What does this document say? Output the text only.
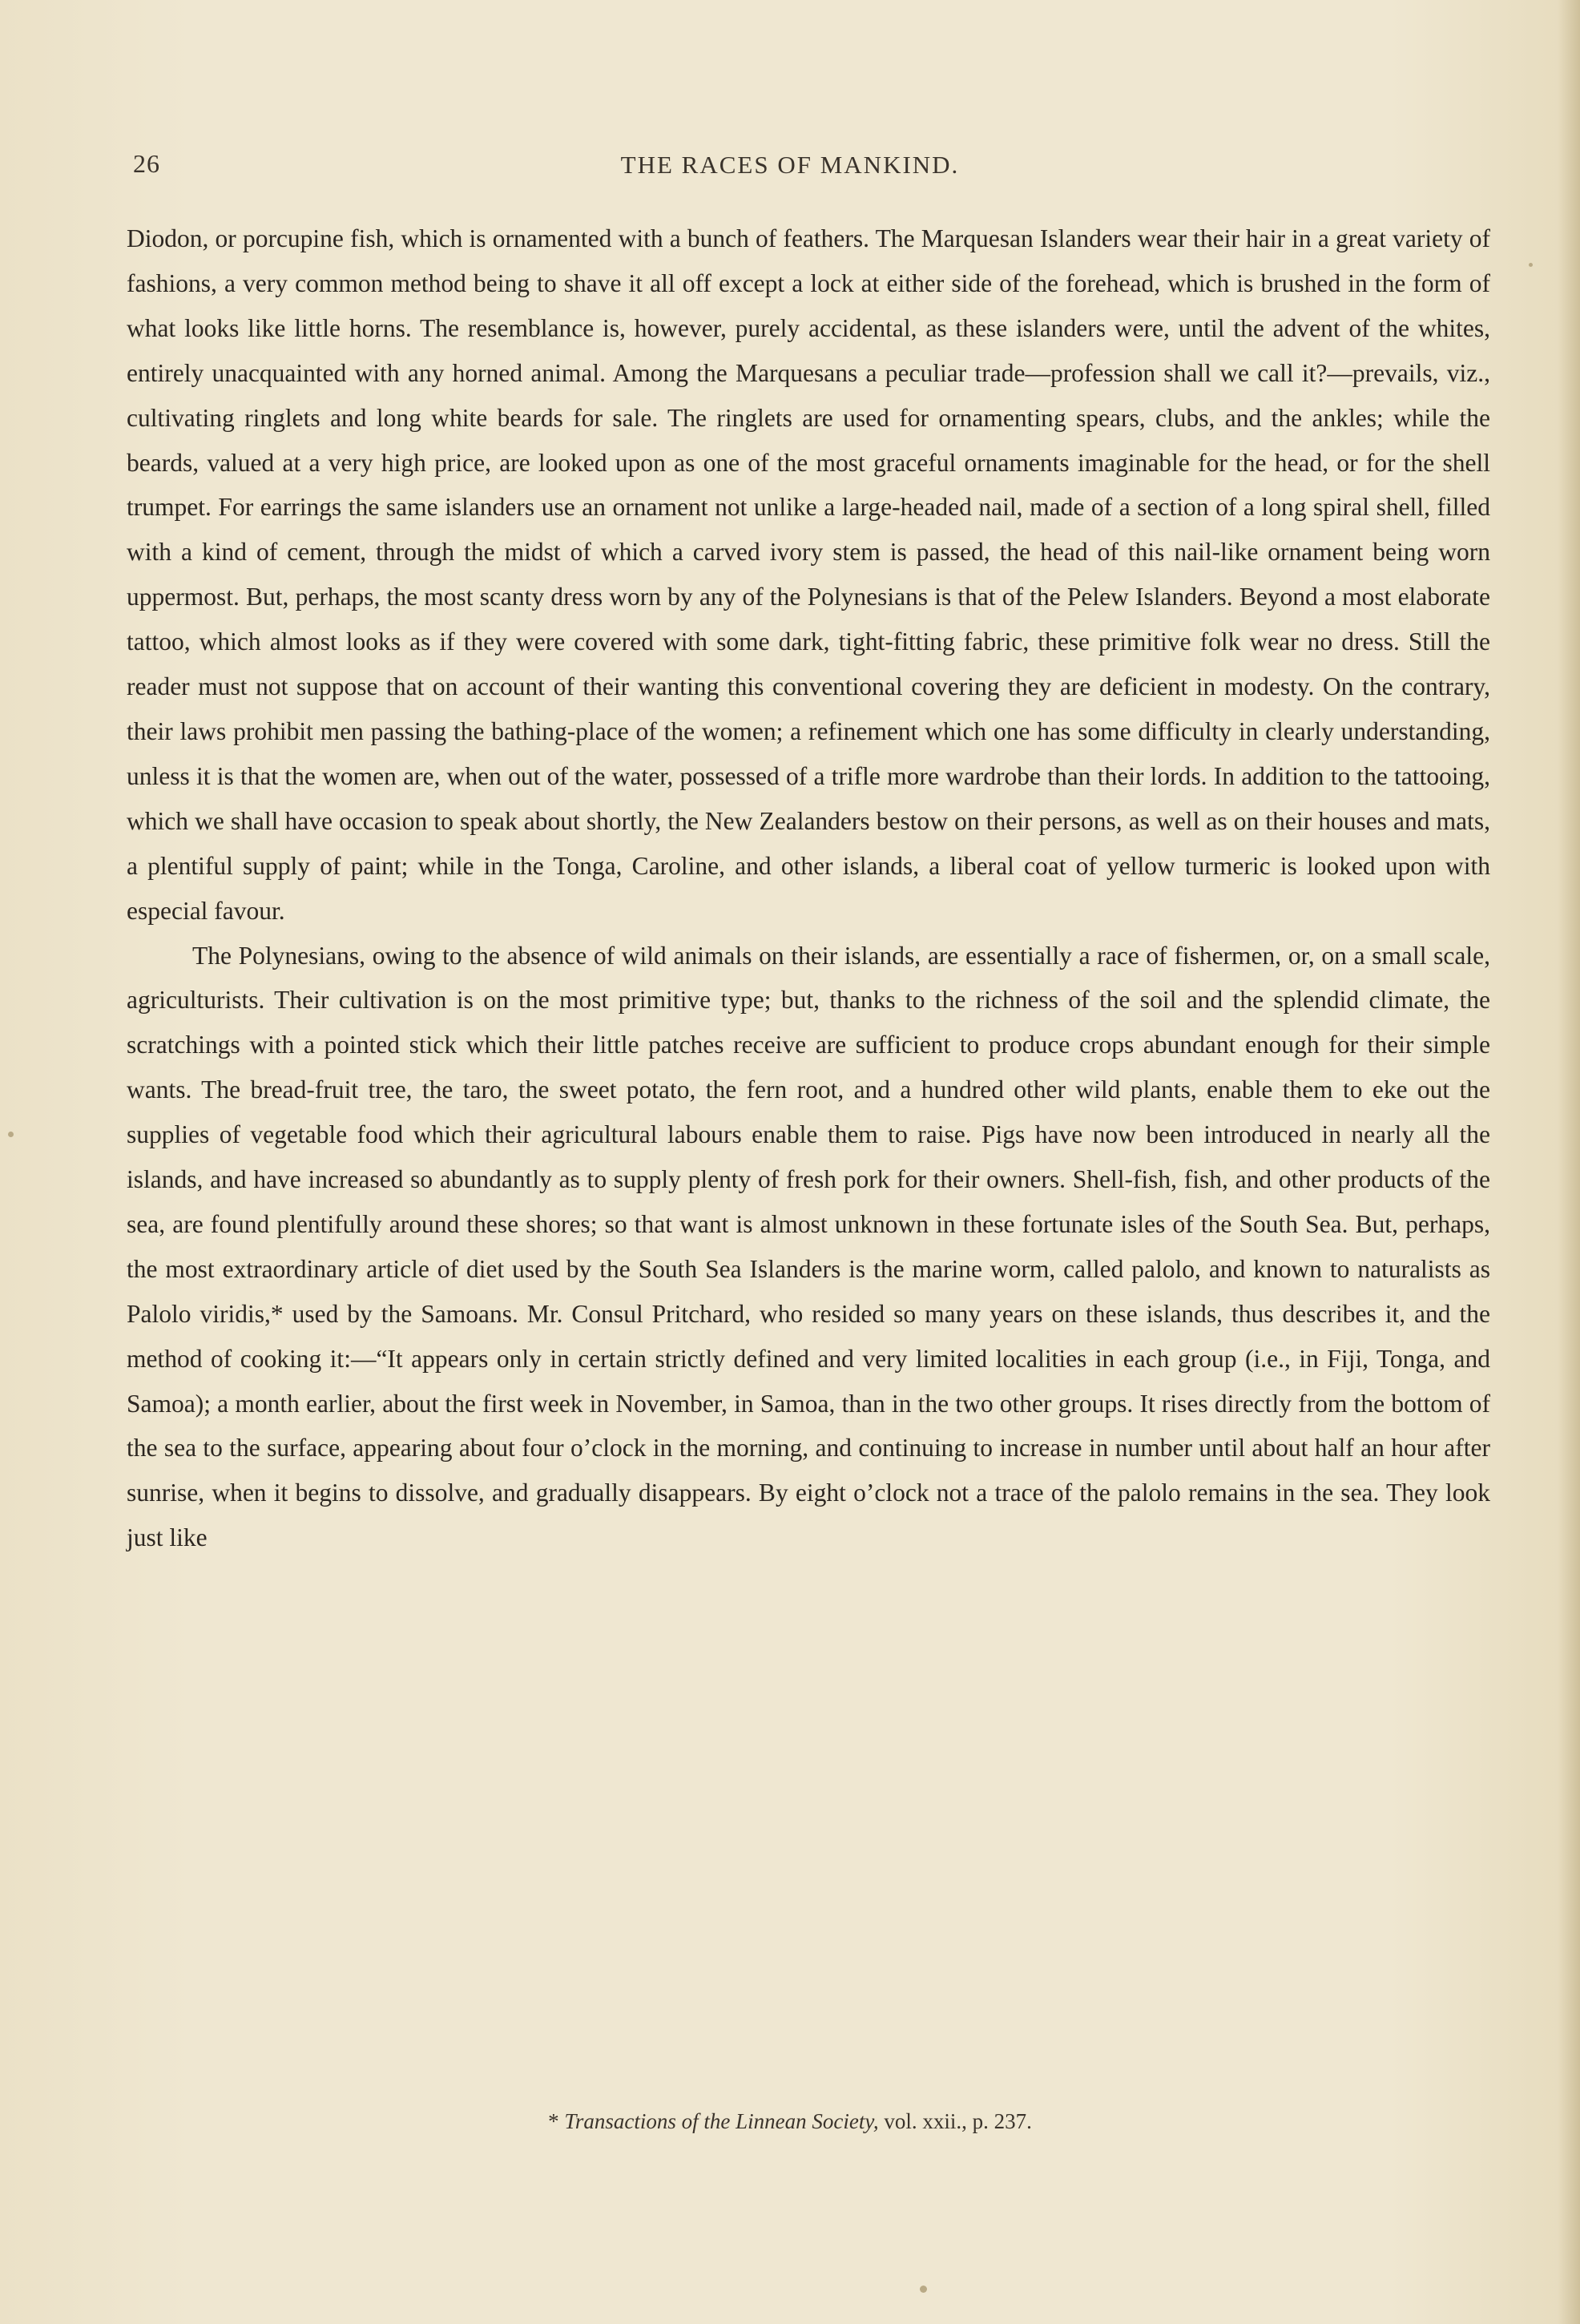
26	THE RACES OF MANKIND.

Diodon, or porcupine fish, which is ornamented with a bunch of feathers. The Marquesan Islanders wear their hair in a great variety of fashions, a very common method being to shave it all off except a lock at either side of the forehead, which is brushed in the form of what looks like little horns. The resemblance is, however, purely accidental, as these islanders were, until the advent of the whites, entirely unacquainted with any horned animal. Among the Marquesans a peculiar trade—profession shall we call it?—prevails, viz., cultivating ringlets and long white beards for sale. The ringlets are used for ornamenting spears, clubs, and the ankles; while the beards, valued at a very high price, are looked upon as one of the most graceful ornaments imaginable for the head, or for the shell trumpet. For earrings the same islanders use an ornament not unlike a large-headed nail, made of a section of a long spiral shell, filled with a kind of cement, through the midst of which a carved ivory stem is passed, the head of this nail-like ornament being worn uppermost. But, perhaps, the most scanty dress worn by any of the Polynesians is that of the Pelew Islanders. Beyond a most elaborate tattoo, which almost looks as if they were covered with some dark, tight-fitting fabric, these primitive folk wear no dress. Still the reader must not suppose that on account of their wanting this conventional covering they are deficient in modesty. On the contrary, their laws prohibit men passing the bathing-place of the women; a refinement which one has some difficulty in clearly understanding, unless it is that the women are, when out of the water, possessed of a trifle more wardrobe than their lords. In addition to the tattooing, which we shall have occasion to speak about shortly, the New Zealanders bestow on their persons, as well as on their houses and mats, a plentiful supply of paint; while in the Tonga, Caroline, and other islands, a liberal coat of yellow turmeric is looked upon with especial favour.

The Polynesians, owing to the absence of wild animals on their islands, are essentially a race of fishermen, or, on a small scale, agriculturists. Their cultivation is on the most primitive type; but, thanks to the richness of the soil and the splendid climate, the scratchings with a pointed stick which their little patches receive are sufficient to produce crops abundant enough for their simple wants. The bread-fruit tree, the taro, the sweet potato, the fern root, and a hundred other wild plants, enable them to eke out the supplies of vegetable food which their agricultural labours enable them to raise. Pigs have now been introduced in nearly all the islands, and have increased so abundantly as to supply plenty of fresh pork for their owners. Shell-fish, fish, and other products of the sea, are found plentifully around these shores; so that want is almost unknown in these fortunate isles of the South Sea. But, perhaps, the most extraordinary article of diet used by the South Sea Islanders is the marine worm, called palolo, and known to naturalists as Palolo viridis,* used by the Samoans. Mr. Consul Pritchard, who resided so many years on these islands, thus describes it, and the method of cooking it:—“It appears only in certain strictly defined and very limited localities in each group (i.e., in Fiji, Tonga, and Samoa); a month earlier, about the first week in November, in Samoa, than in the two other groups. It rises directly from the bottom of the sea to the surface, appearing about four o’clock in the morning, and continuing to increase in number until about half an hour after sunrise, when it begins to dissolve, and gradually disappears. By eight o’clock not a trace of the palolo remains in the sea. They look just like

* Transactions of the Linnean Society, vol. xxii., p. 237.
